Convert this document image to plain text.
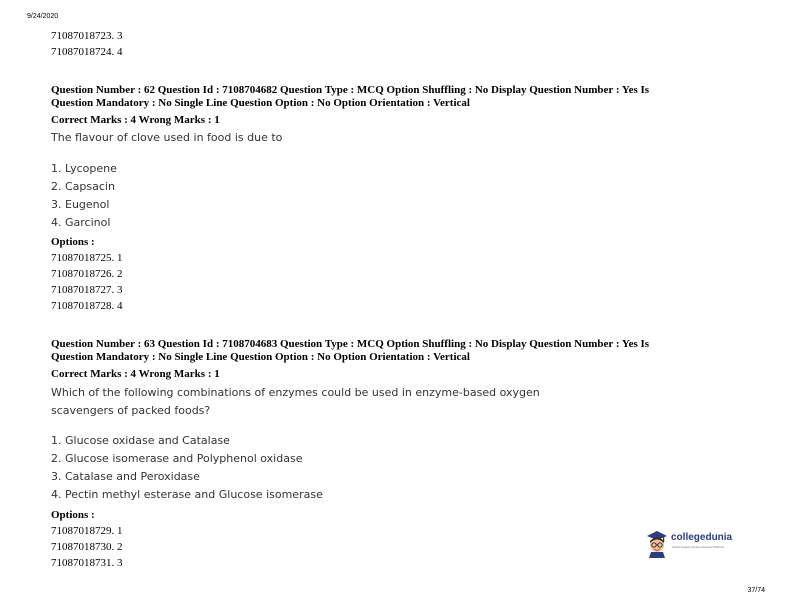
9/24/2020
71087018723. 3
71087018724. 4
Question Number : 62 Question Id : 7108704682 Question Type : MCQ Option Shuffling : No Display Question Number : Yes Is
Question Mandatory : No Single Line Question Option : No Option Orientation : Vertical
Correct Marks : 4 Wrong Marks : 1
The flavour of clove used in food is due to
1. Lycopene
2. Capsacin
3. Eugenol
4. Garcinol
Options :
71087018725. 1
71087018726. 2
71087018727. 3
71087018728. 4
Question Number : 63 Question Id : 7108704683 Question Type : MCQ Option Shuffling : No Display Question Number : Yes Is
Question Mandatory : No Single Line Question Option : No Option Orientation : Vertical
Correct Marks : 4 Wrong Marks : 1
Which of the following combinations of enzymes could be used in enzyme-based oxygen
scavengers of packed foods?
1. Glucose oxidase and Catalase
2. Glucose isomerase and Polyphenol oxidase
3. Catalase and Peroxidase
4. Pectin methyl esterase and Glucose isomerase
Options :
71087018729. 1
71087018730. 2
71087018731. 3
collegedunia
India's largest Student Review Platform
37/74
